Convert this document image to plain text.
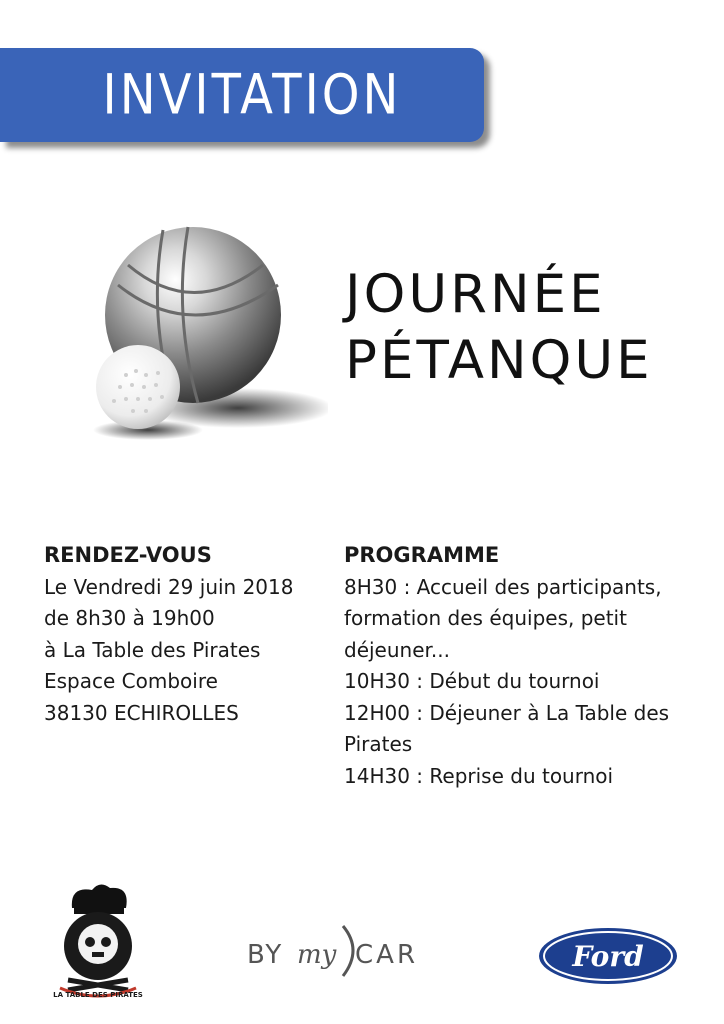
INVITATION
JOURNÉE
PÉTANQUE
RENDEZ-VOUS
Le Vendredi 29 juin 2018
de 8h30 à 19h00
à La Table des Pirates
Espace Comboire
38130 ECHIROLLES
PROGRAMME
8H30 : Accueil des participants,
formation des équipes, petit
déjeuner...
10H30 : Début du tournoi
12H00 : Déjeuner à La Table des
Pirates
14H30 : Reprise du tournoi
LA TABLE DES PIRATES
BY my CAR	Ford
